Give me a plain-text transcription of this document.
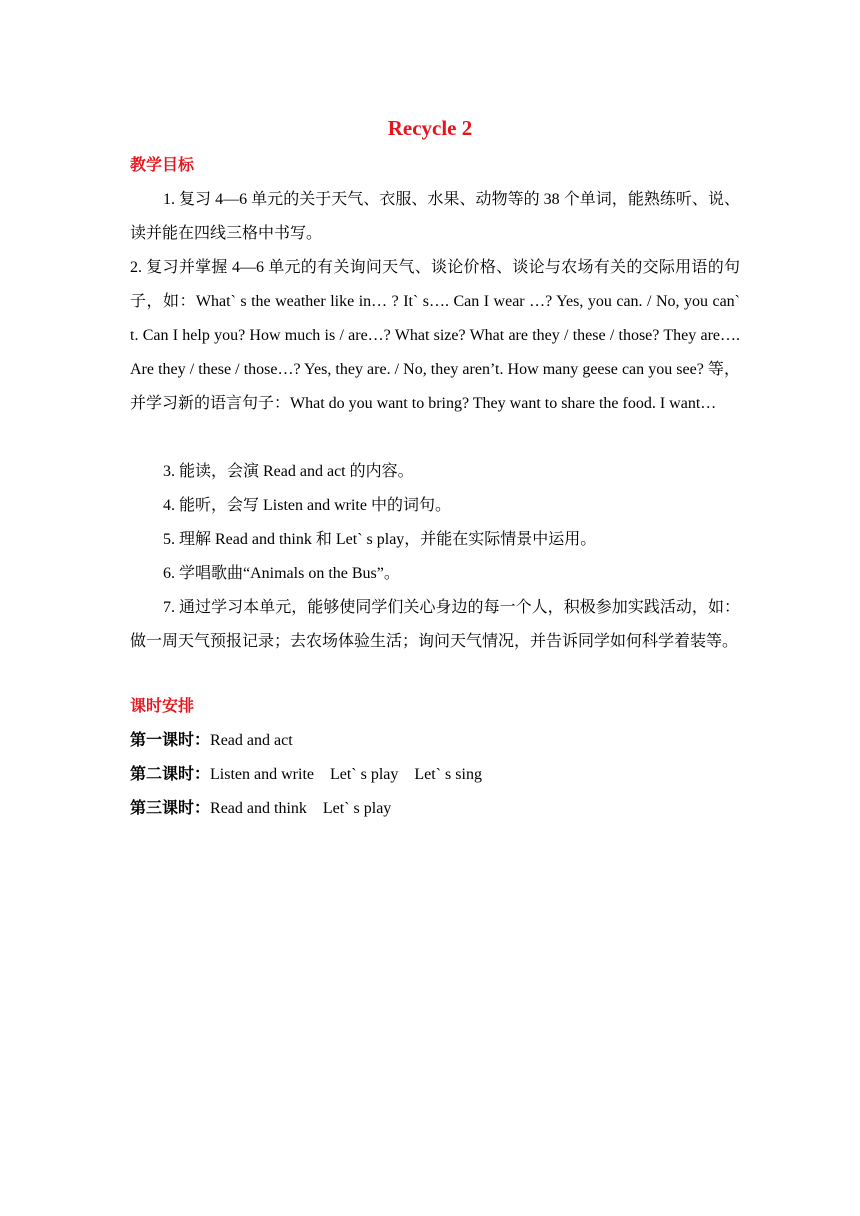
Recycle 2
教学目标
1. 复习 4—6 单元的关于天气、衣服、水果、动物等的 38 个单词，能熟练听、说、读并能在四线三格中书写。
2. 复习并掌握 4—6 单元的有关询问天气、谈论价格、谈论与农场有关的交际用语的句子，如：What` s the weather like in… ? It` s…. Can I wear …? Yes, you can. / No, you can` t. Can I help you? How much is / are…? What size? What are they / these / those? They are…. Are they / these / those…? Yes, they are. / No, they aren’t. How many geese can you see? 等，并学习新的语言句子：What do you want to bring? They want to share the food. I want…
3. 能读，会演 Read and act 的内容。
4. 能听，会写 Listen and write 中的词句。
5. 理解 Read and think 和 Let` s play，并能在实际情景中运用。
6. 学唱歌曲“Animals on the Bus”。
7. 通过学习本单元，能够使同学们关心身边的每一个人，积极参加实践活动，如：做一周天气预报记录；去农场体验生活；询问天气情况，并告诉同学如何科学着装等。
课时安排
第一课时：Read and act
第二课时：Listen and write    Let` s play    Let` s sing
第三课时：Read and think    Let` s play
